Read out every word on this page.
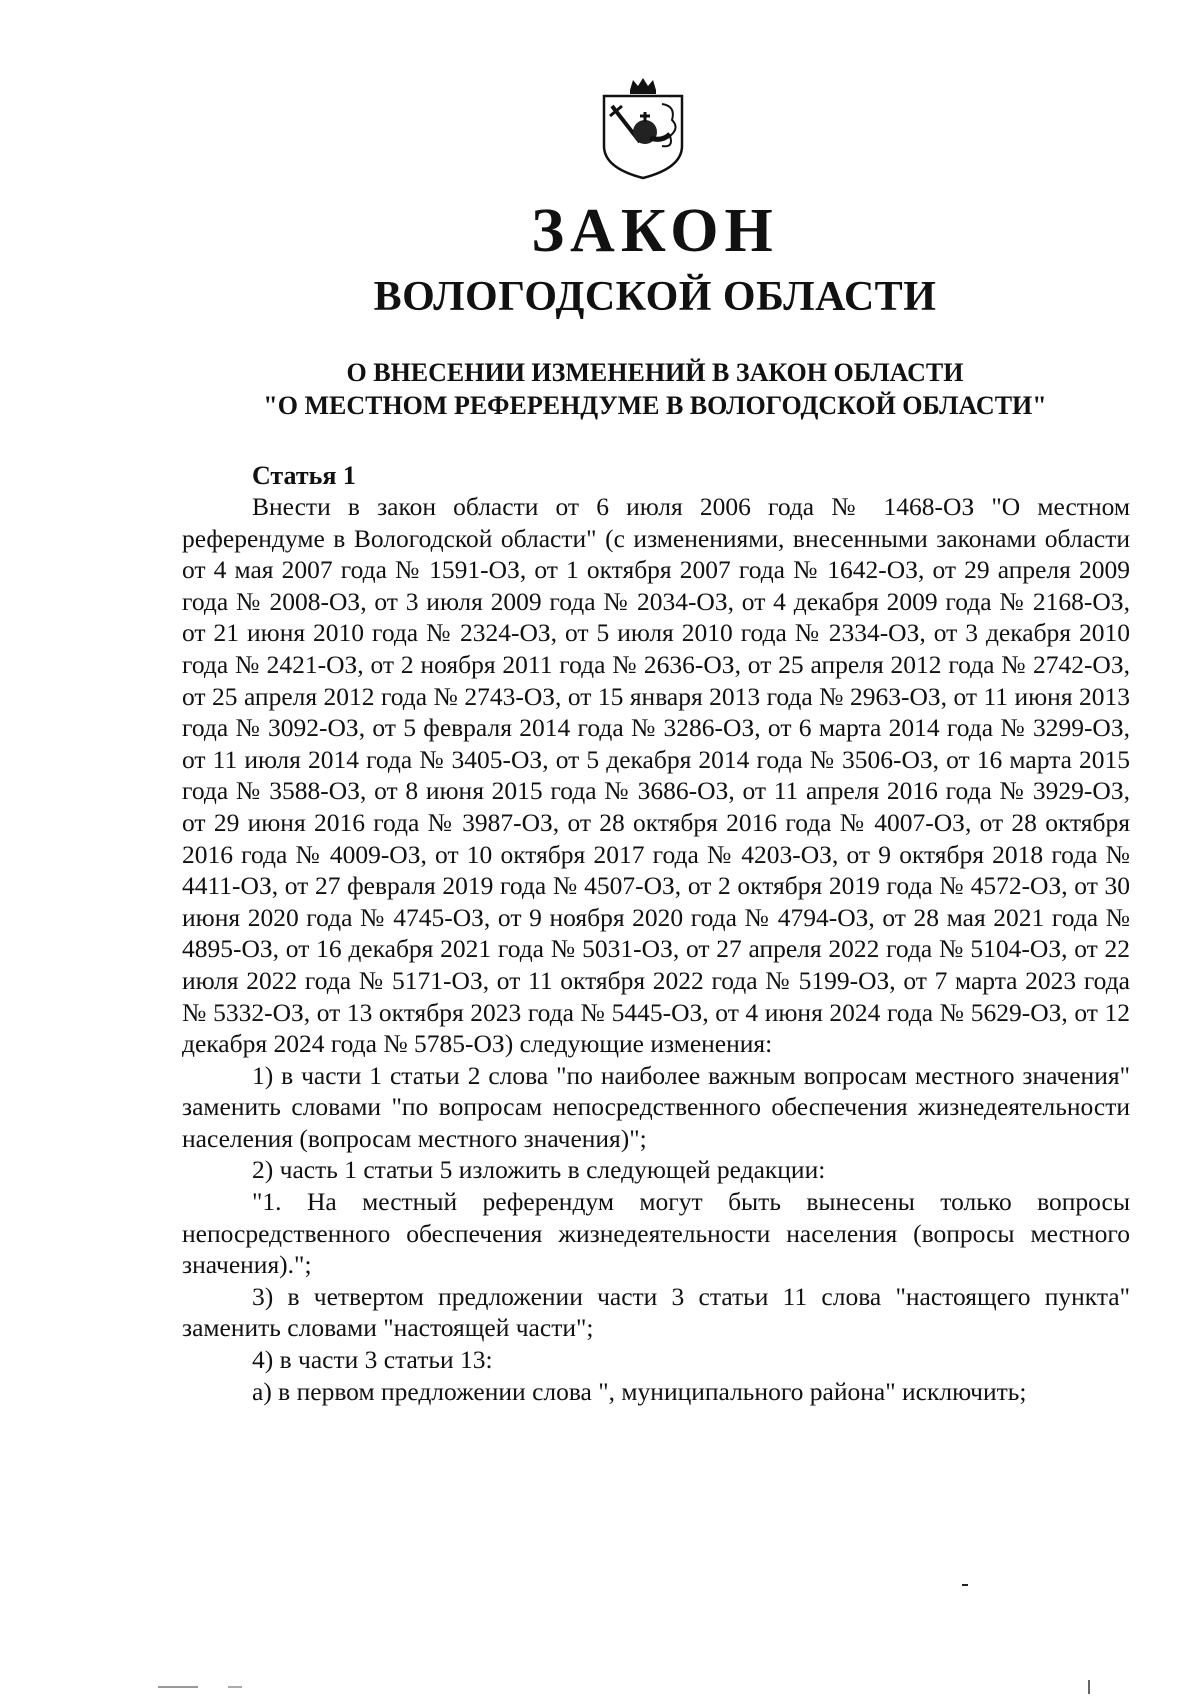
ЗАКОН
ВОЛОГОДСКОЙ ОБЛАСТИ
О ВНЕСЕНИИ ИЗМЕНЕНИЙ В ЗАКОН ОБЛАСТИ
"О МЕСТНОМ РЕФЕРЕНДУМЕ В ВОЛОГОДСКОЙ ОБЛАСТИ"
Статья 1

Внести в закон области от 6 июля 2006 года № 1468-ОЗ "О местном референдуме в Вологодской области" (с изменениями, внесенными законами области от 4 мая 2007 года № 1591-ОЗ, от 1 октября 2007 года № 1642-ОЗ, от 29 апреля 2009 года № 2008-ОЗ, от 3 июля 2009 года № 2034-ОЗ, от 4 декабря 2009 года № 2168-ОЗ, от 21 июня 2010 года № 2324-ОЗ, от 5 июля 2010 года № 2334-ОЗ, от 3 декабря 2010 года № 2421-ОЗ, от 2 ноября 2011 года № 2636-ОЗ, от 25 апреля 2012 года № 2742-ОЗ, от 25 апреля 2012 года № 2743-ОЗ, от 15 января 2013 года № 2963-ОЗ, от 11 июня 2013 года № 3092-ОЗ, от 5 февраля 2014 года № 3286-ОЗ, от 6 марта 2014 года № 3299-ОЗ, от 11 июля 2014 года № 3405-ОЗ, от 5 декабря 2014 года № 3506-ОЗ, от 16 марта 2015 года № 3588-ОЗ, от 8 июня 2015 года № 3686-ОЗ, от 11 апреля 2016 года № 3929-ОЗ, от 29 июня 2016 года № 3987-ОЗ, от 28 октября 2016 года № 4007-ОЗ, от 28 октября 2016 года № 4009-ОЗ, от 10 октября 2017 года № 4203-ОЗ, от 9 октября 2018 года № 4411-ОЗ, от 27 февраля 2019 года № 4507-ОЗ, от 2 октября 2019 года № 4572-ОЗ, от 30 июня 2020 года № 4745-ОЗ, от 9 ноября 2020 года № 4794-ОЗ, от 28 мая 2021 года № 4895-ОЗ, от 16 декабря 2021 года № 5031-ОЗ, от 27 апреля 2022 года № 5104-ОЗ, от 22 июля 2022 года № 5171-ОЗ, от 11 октября 2022 года № 5199-ОЗ, от 7 марта 2023 года № 5332-ОЗ, от 13 октября 2023 года № 5445-ОЗ, от 4 июня 2024 года № 5629-ОЗ, от 12 декабря 2024 года № 5785-ОЗ) следующие изменения:

1) в части 1 статьи 2 слова "по наиболее важным вопросам местного значения" заменить словами "по вопросам непосредственного обеспечения жизнедеятельности населения (вопросам местного значения)";

2) часть 1 статьи 5 изложить в следующей редакции:

"1. На местный референдум могут быть вынесены только вопросы непосредственного обеспечения жизнедеятельности населения (вопросы местного значения).";

3) в четвертом предложении части 3 статьи 11 слова "настоящего пункта" заменить словами "настоящей части";

4) в части 3 статьи 13:

а) в первом предложении слова ", муниципального района" исключить;
